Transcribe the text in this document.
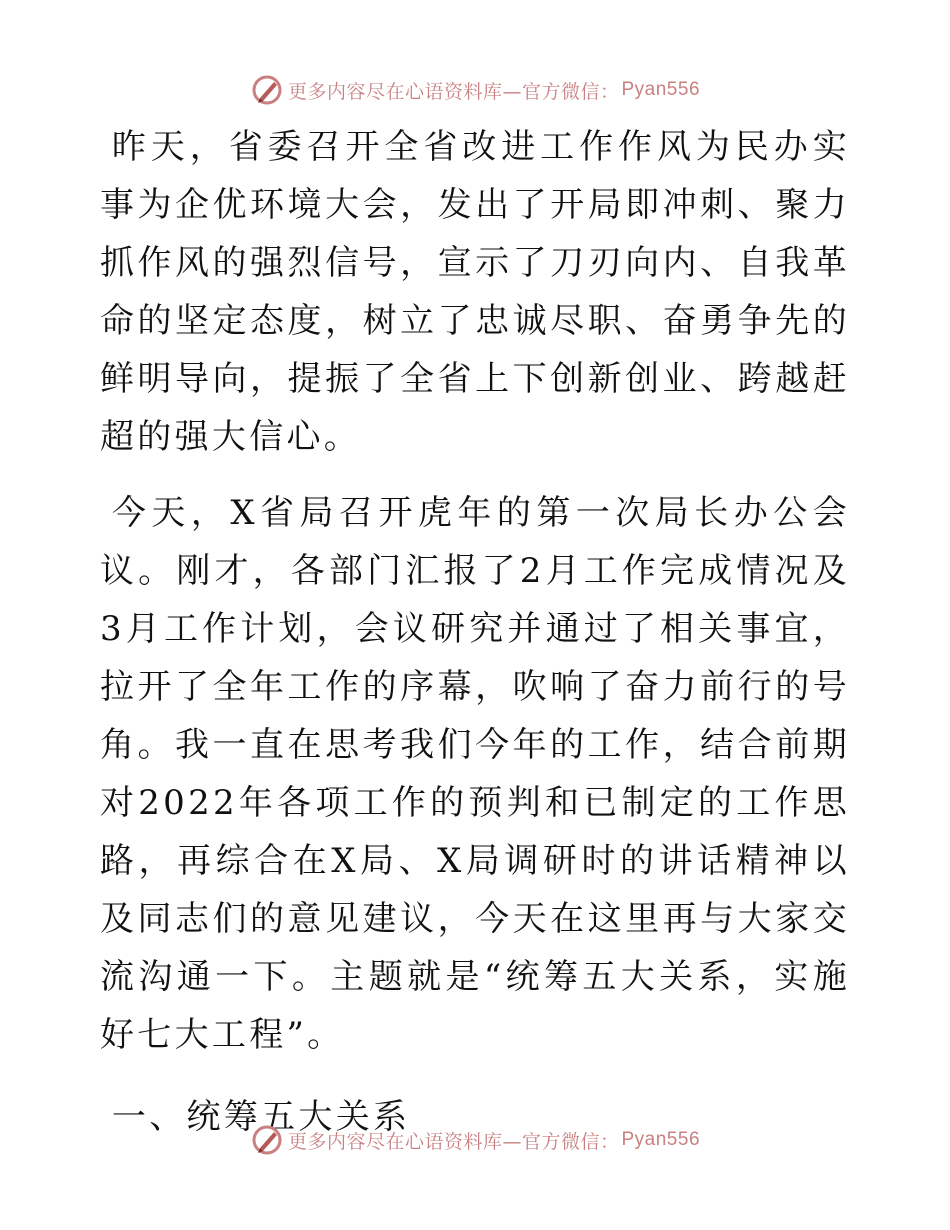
更多内容尽在心语资料库—官方微信： Pyan556

昨天，省委召开全省改进工作作风为民办实事为企优环境大会，发出了开局即冲刺、聚力抓作风的强烈信号，宣示了刀刃向内、自我革命的坚定态度，树立了忠诚尽职、奋勇争先的鲜明导向，提振了全省上下创新创业、跨越赶超的强大信心。

今天，X省局召开虎年的第一次局长办公会议。刚才，各部门汇报了2月工作完成情况及3月工作计划，会议研究并通过了相关事宜，拉开了全年工作的序幕，吹响了奋力前行的号角。我一直在思考我们今年的工作，结合前期对2022年各项工作的预判和已制定的工作思路，再综合在X局、X局调研时的讲话精神以及同志们的意见建议，今天在这里再与大家交流沟通一下。主题就是“统筹五大关系，实施好七大工程”。

一、统筹五大关系
更多内容尽在心语资料库—官方微信： Pyan556
